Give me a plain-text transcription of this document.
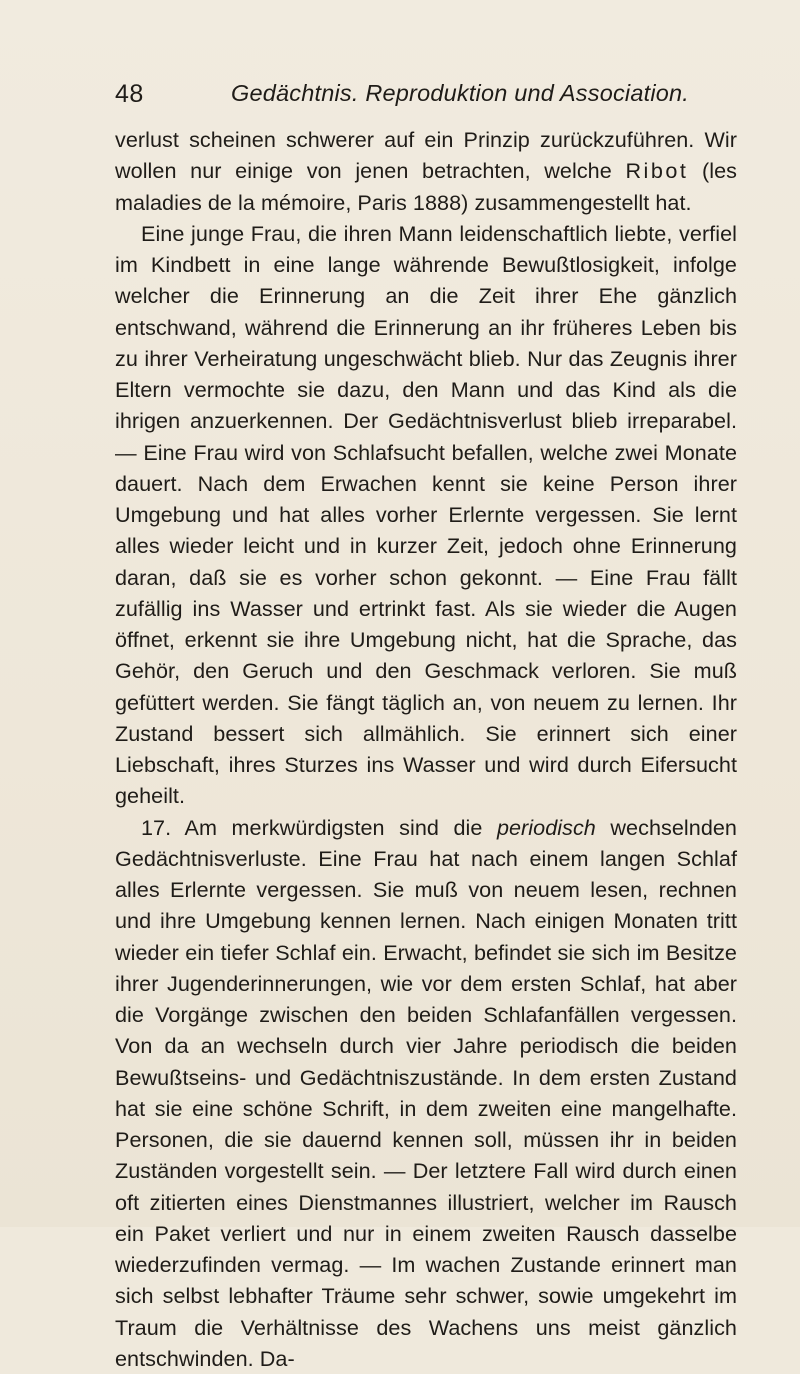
48	Gedächtnis. Reproduktion und Association.

verlust scheinen schwerer auf ein Prinzip zurückzuführen. Wir wollen nur einige von jenen betrachten, welche Ribot (les maladies de la mémoire, Paris 1888) zusammengestellt hat.

Eine junge Frau, die ihren Mann leidenschaftlich liebte, verfiel im Kindbett in eine lange währende Bewußtlosigkeit, infolge welcher die Erinnerung an die Zeit ihrer Ehe gänzlich entschwand, während die Erinnerung an ihr früheres Leben bis zu ihrer Verheiratung ungeschwächt blieb. Nur das Zeugnis ihrer Eltern vermochte sie dazu, den Mann und das Kind als die ihrigen anzuerkennen. Der Gedächtnisverlust blieb irreparabel. — Eine Frau wird von Schlafsucht befallen, welche zwei Monate dauert. Nach dem Erwachen kennt sie keine Person ihrer Umgebung und hat alles vorher Erlernte vergessen. Sie lernt alles wieder leicht und in kurzer Zeit, jedoch ohne Erinnerung daran, daß sie es vorher schon gekonnt. — Eine Frau fällt zufällig ins Wasser und ertrinkt fast. Als sie wieder die Augen öffnet, erkennt sie ihre Umgebung nicht, hat die Sprache, das Gehör, den Geruch und den Geschmack verloren. Sie muß gefüttert werden. Sie fängt täglich an, von neuem zu lernen. Ihr Zustand bessert sich allmählich. Sie erinnert sich einer Liebschaft, ihres Sturzes ins Wasser und wird durch Eifersucht geheilt.

17. Am merkwürdigsten sind die periodisch wechselnden Gedächtnisverluste. Eine Frau hat nach einem langen Schlaf alles Erlernte vergessen. Sie muß von neuem lesen, rechnen und ihre Umgebung kennen lernen. Nach einigen Monaten tritt wieder ein tiefer Schlaf ein. Erwacht, befindet sie sich im Besitze ihrer Jugenderinnerungen, wie vor dem ersten Schlaf, hat aber die Vorgänge zwischen den beiden Schlafanfällen vergessen. Von da an wechseln durch vier Jahre periodisch die beiden Bewußtseins- und Gedächtniszustände. In dem ersten Zustand hat sie eine schöne Schrift, in dem zweiten eine mangelhafte. Personen, die sie dauernd kennen soll, müssen ihr in beiden Zuständen vorgestellt sein. — Der letztere Fall wird durch einen oft zitierten eines Dienstmannes illustriert, welcher im Rausch ein Paket verliert und nur in einem zweiten Rausch dasselbe wiederzufinden vermag. — Im wachen Zustande erinnert man sich selbst lebhafter Träume sehr schwer, sowie umgekehrt im Traum die Verhältnisse des Wachens uns meist gänzlich entschwinden. Da-
